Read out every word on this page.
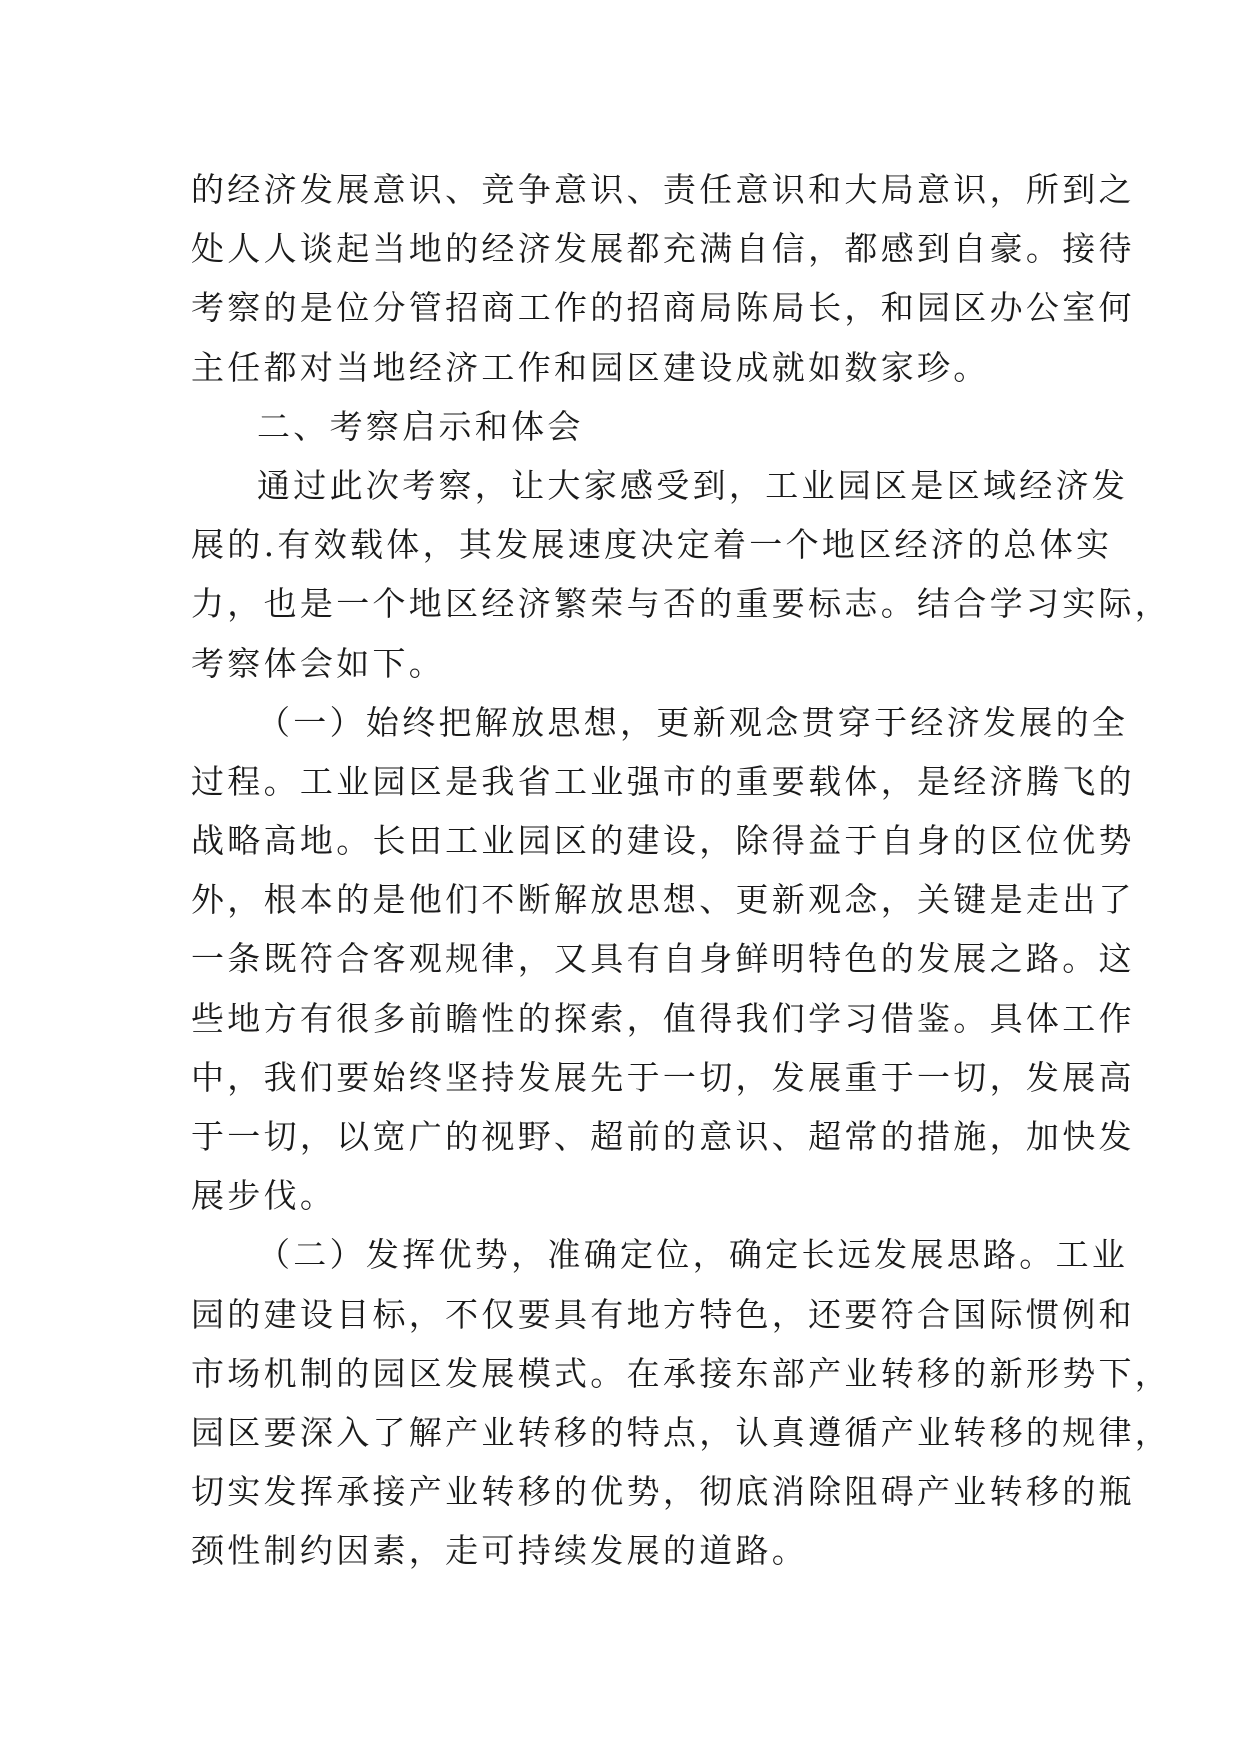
的经济发展意识、竞争意识、责任意识和大局意识，所到之
处人人谈起当地的经济发展都充满自信，都感到自豪。接待
考察的是位分管招商工作的招商局陈局长，和园区办公室何
主任都对当地经济工作和园区建设成就如数家珍。
二、考察启示和体会
通过此次考察，让大家感受到，工业园区是区域经济发
展的.有效载体，其发展速度决定着一个地区经济的总体实
力，也是一个地区经济繁荣与否的重要标志。结合学习实际，
考察体会如下。
（一）始终把解放思想，更新观念贯穿于经济发展的全
过程。工业园区是我省工业强市的重要载体，是经济腾飞的
战略高地。长田工业园区的建设，除得益于自身的区位优势
外，根本的是他们不断解放思想、更新观念，关键是走出了
一条既符合客观规律，又具有自身鲜明特色的发展之路。这
些地方有很多前瞻性的探索，值得我们学习借鉴。具体工作
中，我们要始终坚持发展先于一切，发展重于一切，发展高
于一切，以宽广的视野、超前的意识、超常的措施，加快发
展步伐。
（二）发挥优势，准确定位，确定长远发展思路。工业
园的建设目标，不仅要具有地方特色，还要符合国际惯例和
市场机制的园区发展模式。在承接东部产业转移的新形势下，
园区要深入了解产业转移的特点，认真遵循产业转移的规律，
切实发挥承接产业转移的优势，彻底消除阻碍产业转移的瓶
颈性制约因素，走可持续发展的道路。
